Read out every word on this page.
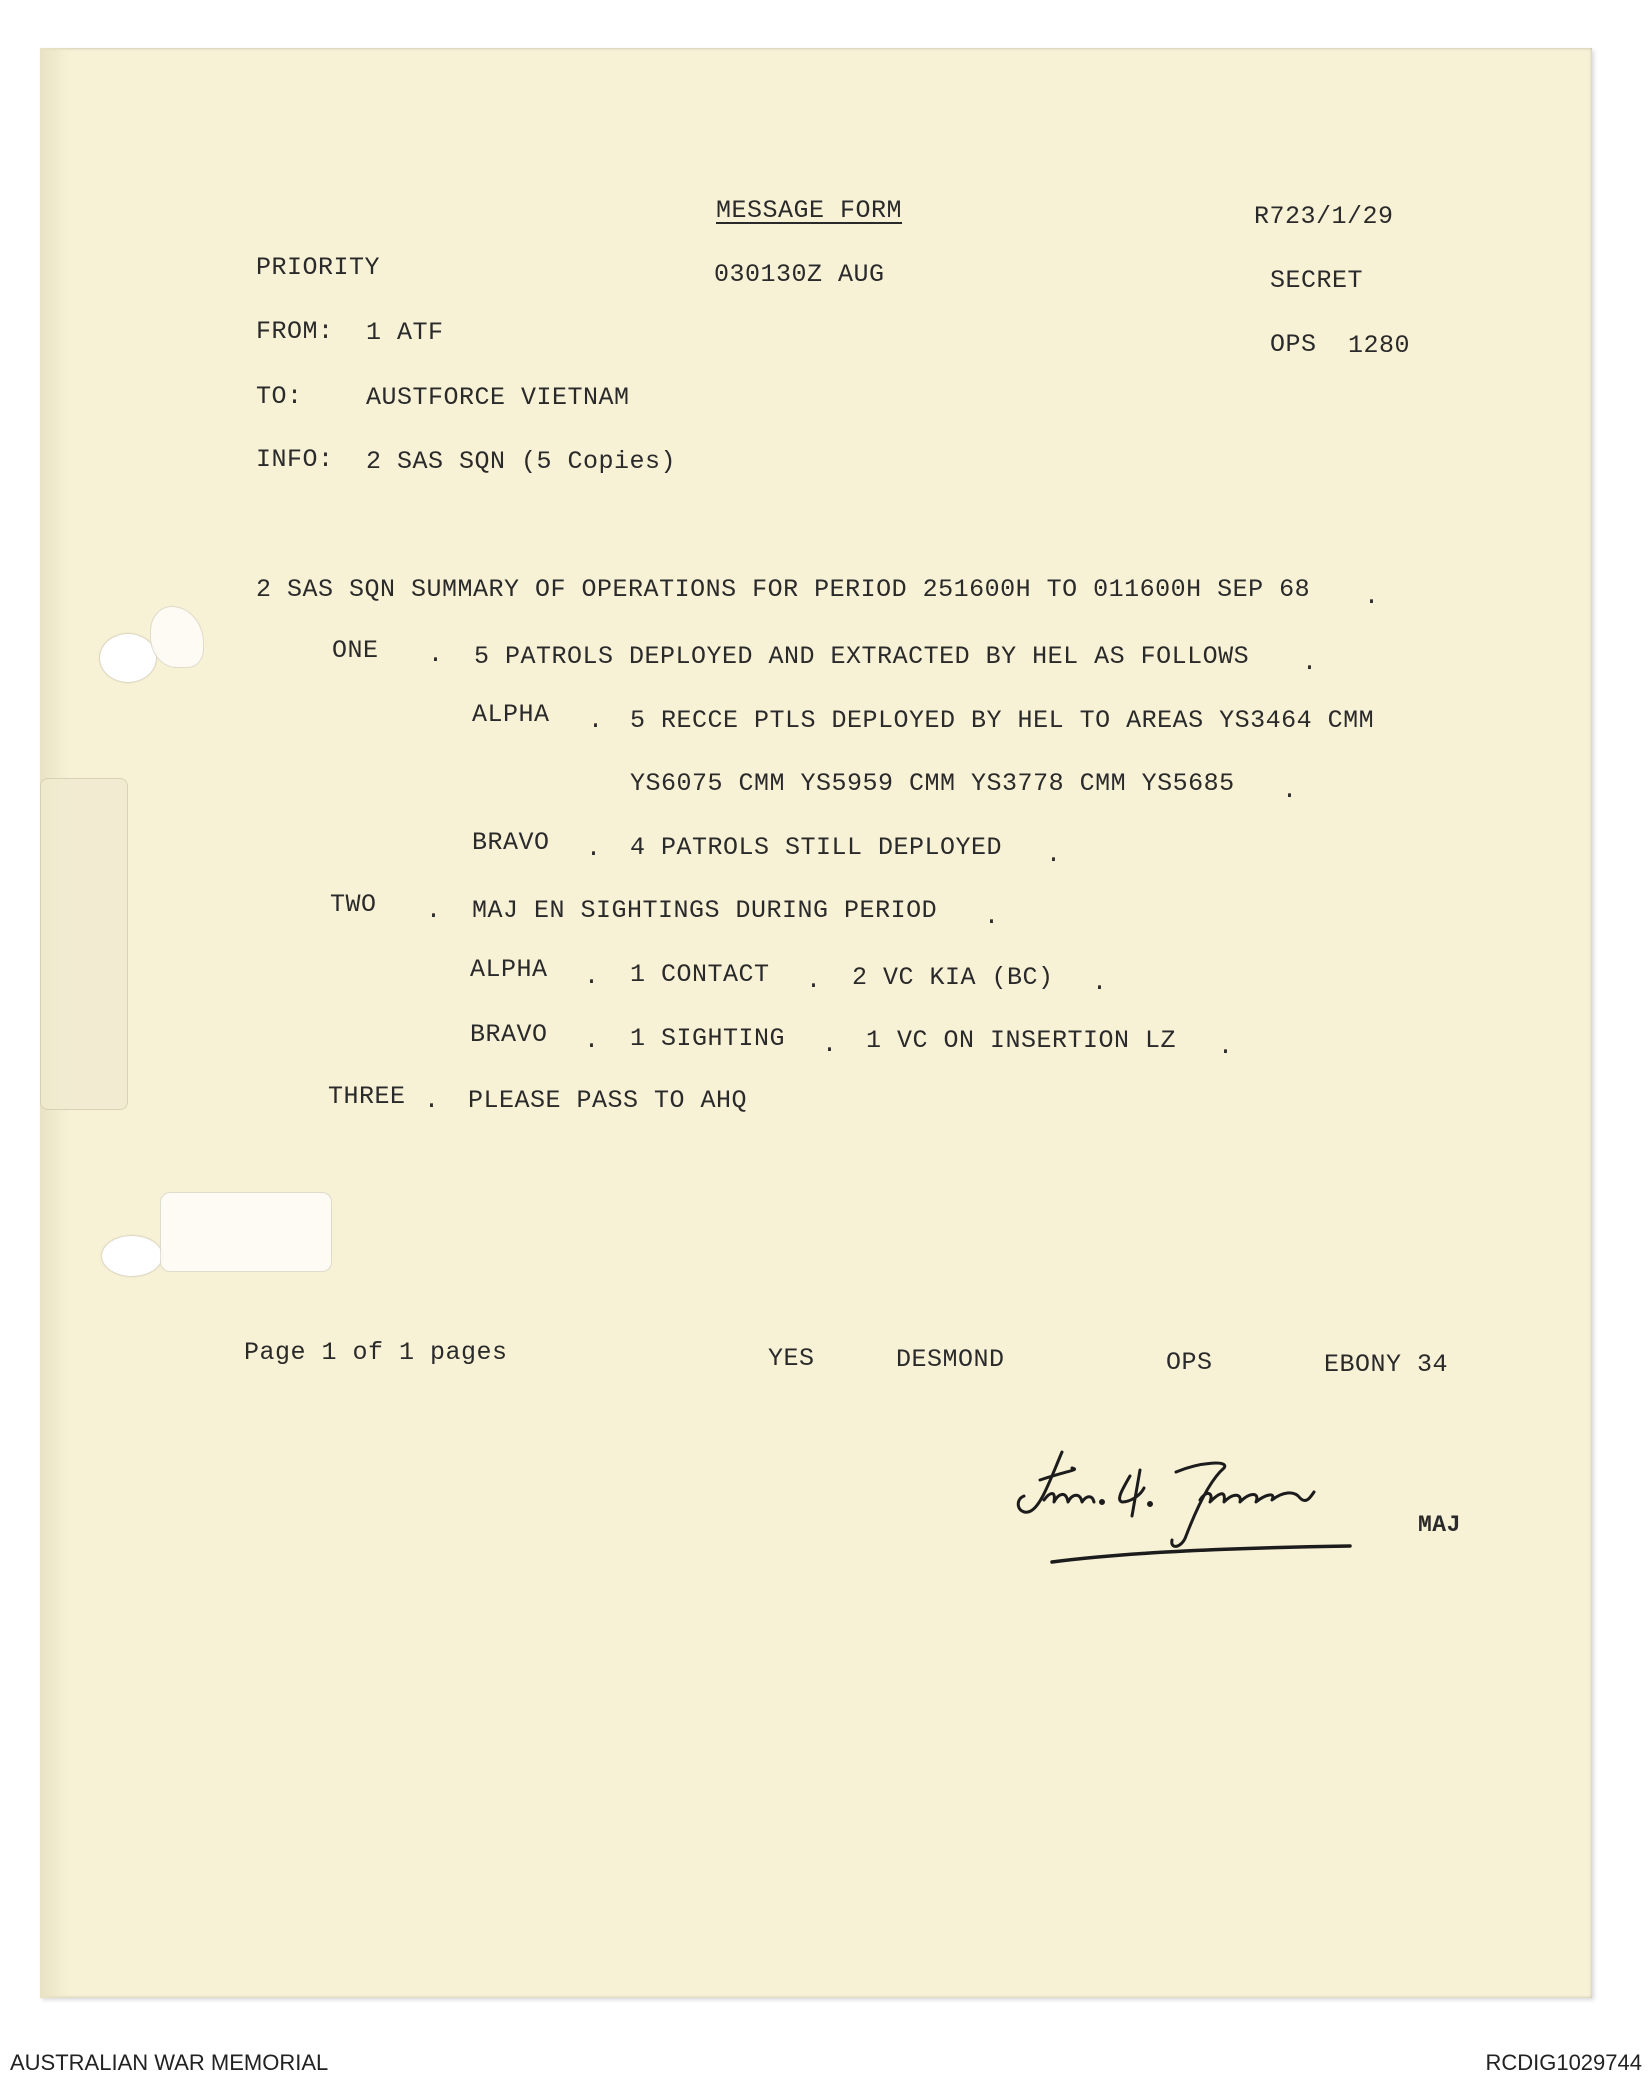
MESSAGE FORM	R723/1/29
PRIORITY	030130Z AUG	SECRET
OPS 1280
FROM: 1 ATF
TO:	AUSTFORCE VIETNAM
INFO: 2 SAS SQN (5 Copies)
2 SAS SQN SUMMARY OF OPERATIONS FOR PERIOD 251600H TO 011600H SEP 68 .
ONE . 5 PATROLS DEPLOYED AND EXTRACTED BY HEL AS FOLLOWS .
ALPHA . 5 RECCE PTLS DEPLOYED BY HEL TO AREAS YS3464 CMM
YS6075 CMM YS5959 CMM YS3778 CMM YS5685 .
BRAVO . 4 PATROLS STILL DEPLOYED .
TWO . MAJ EN SIGHTINGS DURING PERIOD .
ALPHA . 1 CONTACT . 2 VC KIA (BC) .
BRAVO . 1 SIGHTING . 1 VC ON INSERTION LZ .
THREE . PLEASE PASS TO AHQ
Page 1 of 1 pages	YES	DESMOND	OPS	EBONY 34
MAJ
AUSTRALIAN WAR MEMORIAL	RCDIG1029744
